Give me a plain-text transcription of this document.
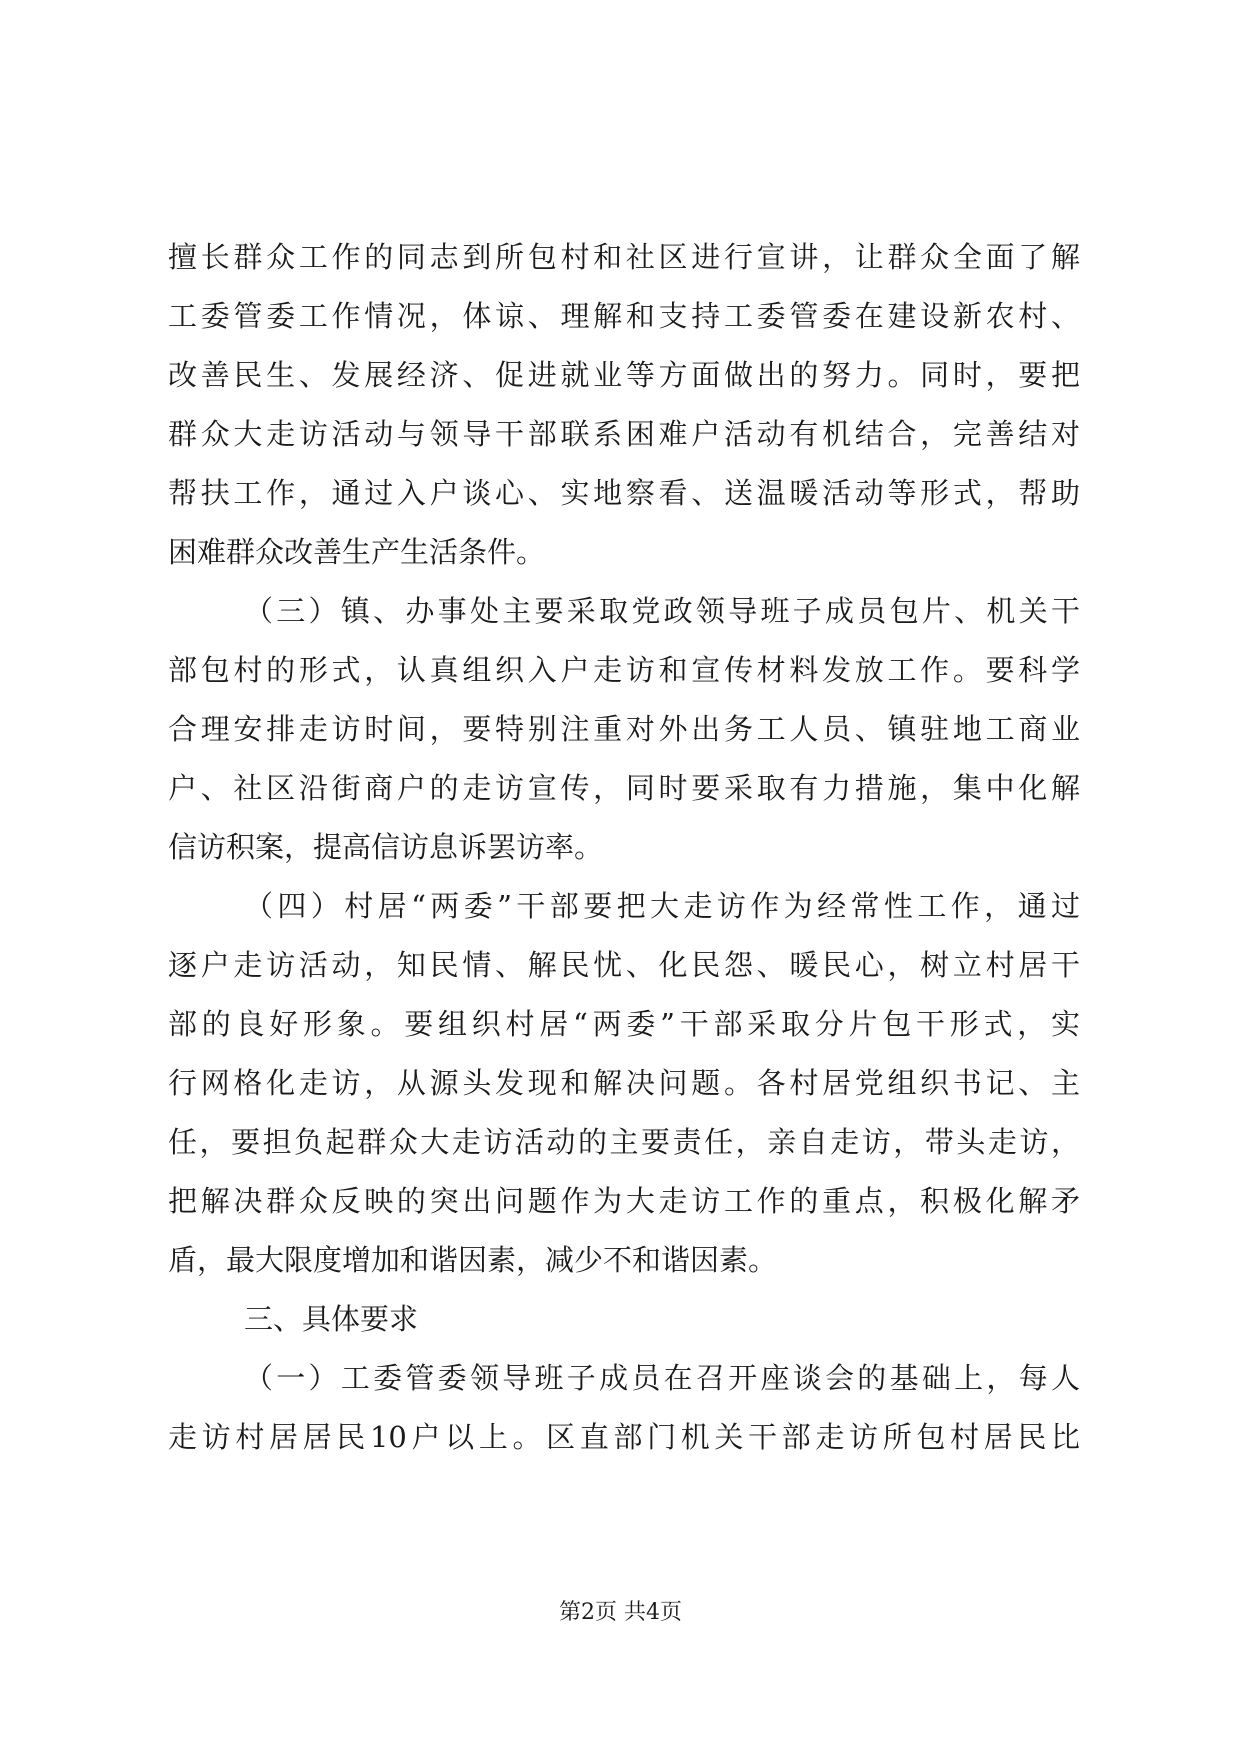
擅长群众工作的同志到所包村和社区进行宣讲，让群众全面了解
工委管委工作情况，体谅、理解和支持工委管委在建设新农村、
改善民生、发展经济、促进就业等方面做出的努力。同时，要把
群众大走访活动与领导干部联系困难户活动有机结合，完善结对
帮扶工作，通过入户谈心、实地察看、送温暖活动等形式，帮助
困难群众改善生产生活条件。
（三）镇、办事处主要采取党政领导班子成员包片、机关干
部包村的形式，认真组织入户走访和宣传材料发放工作。要科学
合理安排走访时间，要特别注重对外出务工人员、镇驻地工商业
户、社区沿街商户的走访宣传，同时要采取有力措施，集中化解
信访积案，提高信访息诉罢访率。
（四）村居“两委”干部要把大走访作为经常性工作，通过
逐户走访活动，知民情、解民忧、化民怨、暖民心，树立村居干
部的良好形象。要组织村居“两委”干部采取分片包干形式，实
行网格化走访，从源头发现和解决问题。各村居党组织书记、主
任，要担负起群众大走访活动的主要责任，亲自走访，带头走访，
把解决群众反映的突出问题作为大走访工作的重点，积极化解矛
盾，最大限度增加和谐因素，减少不和谐因素。
三、具体要求
（一）工委管委领导班子成员在召开座谈会的基础上，每人
走访村居居民10户以上。区直部门机关干部走访所包村居民比
第2页 共4页
